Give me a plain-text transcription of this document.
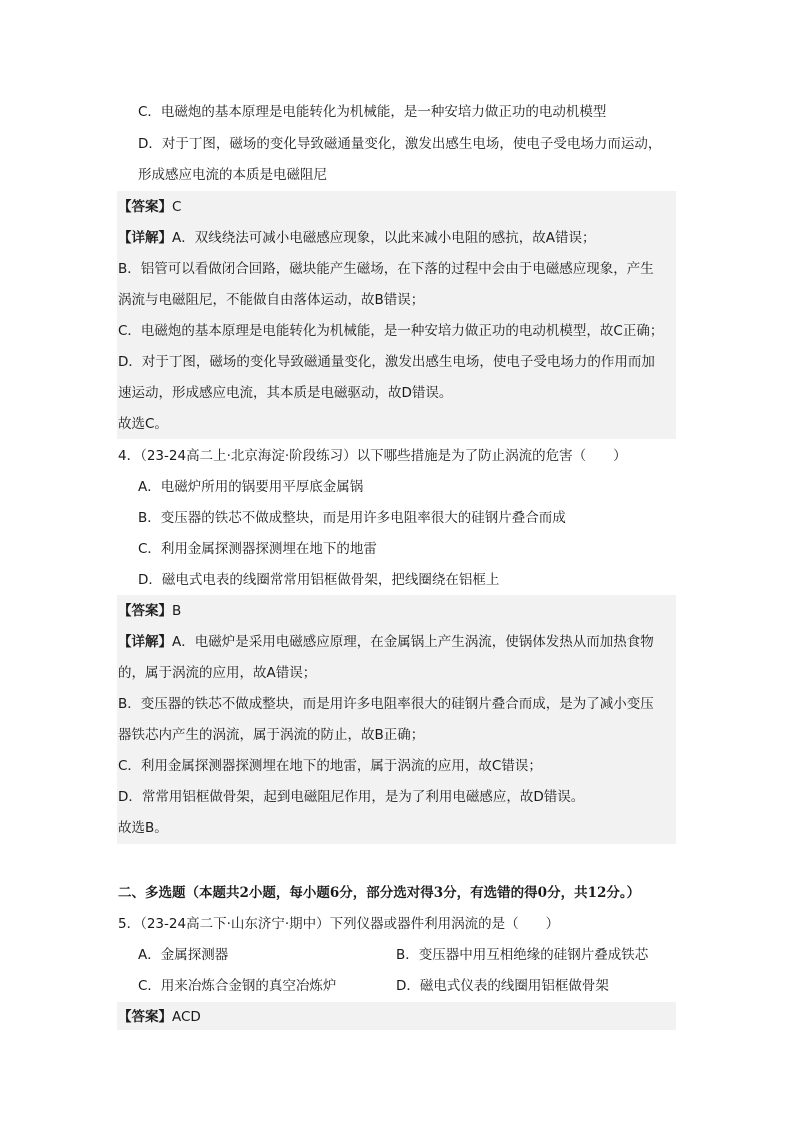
C．电磁炮的基本原理是电能转化为机械能，是一种安培力做正功的电动机模型
D．对于丁图，磁场的变化导致磁通量变化，激发出感生电场，使电子受电场力而运动，
形成感应电流的本质是电磁阻尼
【答案】C
【详解】A．双线绕法可减小电磁感应现象，以此来减小电阻的感抗，故A错误；
B．铝管可以看做闭合回路，磁块能产生磁场，在下落的过程中会由于电磁感应现象，产生
涡流与电磁阻尼，不能做自由落体运动，故B错误；
C．电磁炮的基本原理是电能转化为机械能，是一种安培力做正功的电动机模型，故C正确；
D．对于丁图，磁场的变化导致磁通量变化，激发出感生电场，使电子受电场力的作用而加
速运动，形成感应电流，其本质是电磁驱动，故D错误。
故选C。
4．（23-24高二上·北京海淀·阶段练习）以下哪些措施是为了防止涡流的危害（　　）
A．电磁炉所用的锅要用平厚底金属锅
B．变压器的铁芯不做成整块，而是用许多电阻率很大的硅钢片叠合而成
C．利用金属探测器探测埋在地下的地雷
D．磁电式电表的线圈常常用铝框做骨架，把线圈绕在铝框上
【答案】B
【详解】A．电磁炉是采用电磁感应原理，在金属锅上产生涡流，使锅体发热从而加热食物
的，属于涡流的应用，故A错误；
B．变压器的铁芯不做成整块，而是用许多电阻率很大的硅钢片叠合而成，是为了减小变压
器铁芯内产生的涡流，属于涡流的防止，故B正确；
C．利用金属探测器探测埋在地下的地雷，属于涡流的应用，故C错误；
D．常常用铝框做骨架，起到电磁阻尼作用，是为了利用电磁感应，故D错误。
故选B。
二、多选题（本题共2小题，每小题6分，部分选对得3分，有选错的得0分，共12分。）
5．（23-24高二下·山东济宁·期中）下列仪器或器件利用涡流的是（　　）
A．金属探测器	B．变压器中用互相绝缘的硅钢片叠成铁芯
C．用来冶炼合金钢的真空冶炼炉	D．磁电式仪表的线圈用铝框做骨架
【答案】ACD
